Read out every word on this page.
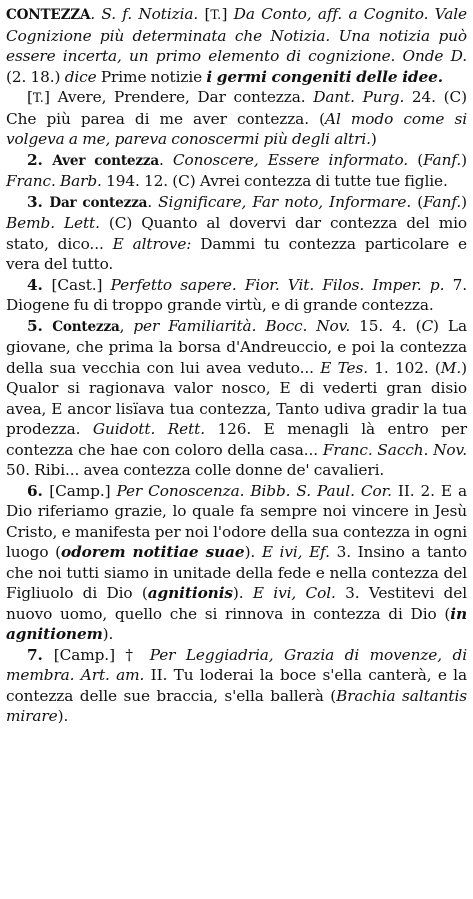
CONTEZZA. S. f. Notizia. [T.] Da Conto, aff. a Cognito. Vale Cognizione più determinata che Notizia. Una notizia può essere incerta, un primo elemento di cognizione. Onde D. (2. 18.) dice Prime notizie i germi congeniti delle idee.
[T.] Avere, Prendere, Dar contezza. Dant. Purg. 24. (C) Che più parea di me aver contezza. (Al modo come si volgeva a me, pareva conoscermi più degli altri.)
2. Aver contezza. Conoscere, Essere informato. (Fanf.) Franc. Barb. 194. 12. (C) Avrei contezza di tutte tue figlie.
3. Dar contezza. Significare, Far noto, Informare. (Fanf.) Bemb. Lett. (C) Quanto al dovervi dar contezza del mio stato, dico... E altrove: Dammi tu contezza particolare e vera del tutto.
4. [Cast.] Perfetto sapere. Fior. Vit. Filos. Imper. p. 7. Diogene fu di troppo grande virtù, e di grande contezza.
5. Contezza, per Familiarità. Bocc. Nov. 15. 4. (C) La giovane, che prima la borsa d'Andreuccio, e poi la contezza della sua vecchia con lui avea veduto... E Tes. 1. 102. (M.) Qualor si ragionava valor nosco, E di vederti gran disio avea, E ancor lisïava tua contezza, Tanto udiva gradir la tua prodezza. Guidott. Rett. 126. E menagli là entro per contezza che hae con coloro della casa... Franc. Sacch. Nov. 50. Ribi... avea contezza colle donne de' cavalieri.
6. [Camp.] Per Conoscenza. Bibb. S. Paul. Cor. II. 2. E a Dio riferiamo grazie, lo quale fa sempre noi vincere in Jesù Cristo, e manifesta per noi l'odore della sua contezza in ogni luogo (odorem notitiae suae). E ivi, Ef. 3. Insino a tanto che noi tutti siamo in unitade della fede e nella contezza del Figliuolo di Dio (agnitionis). E ivi, Col. 3. Vestitevi del nuovo uomo, quello che si rinnova in contezza di Dio (in agnitionem).
7. [Camp.] † Per Leggiadria, Grazia di movenze, di membra. Art. am. II. Tu loderai la boce s'ella canterà, e la contezza delle sue braccia, s'ella ballerà (Brachia saltantis mirare).
